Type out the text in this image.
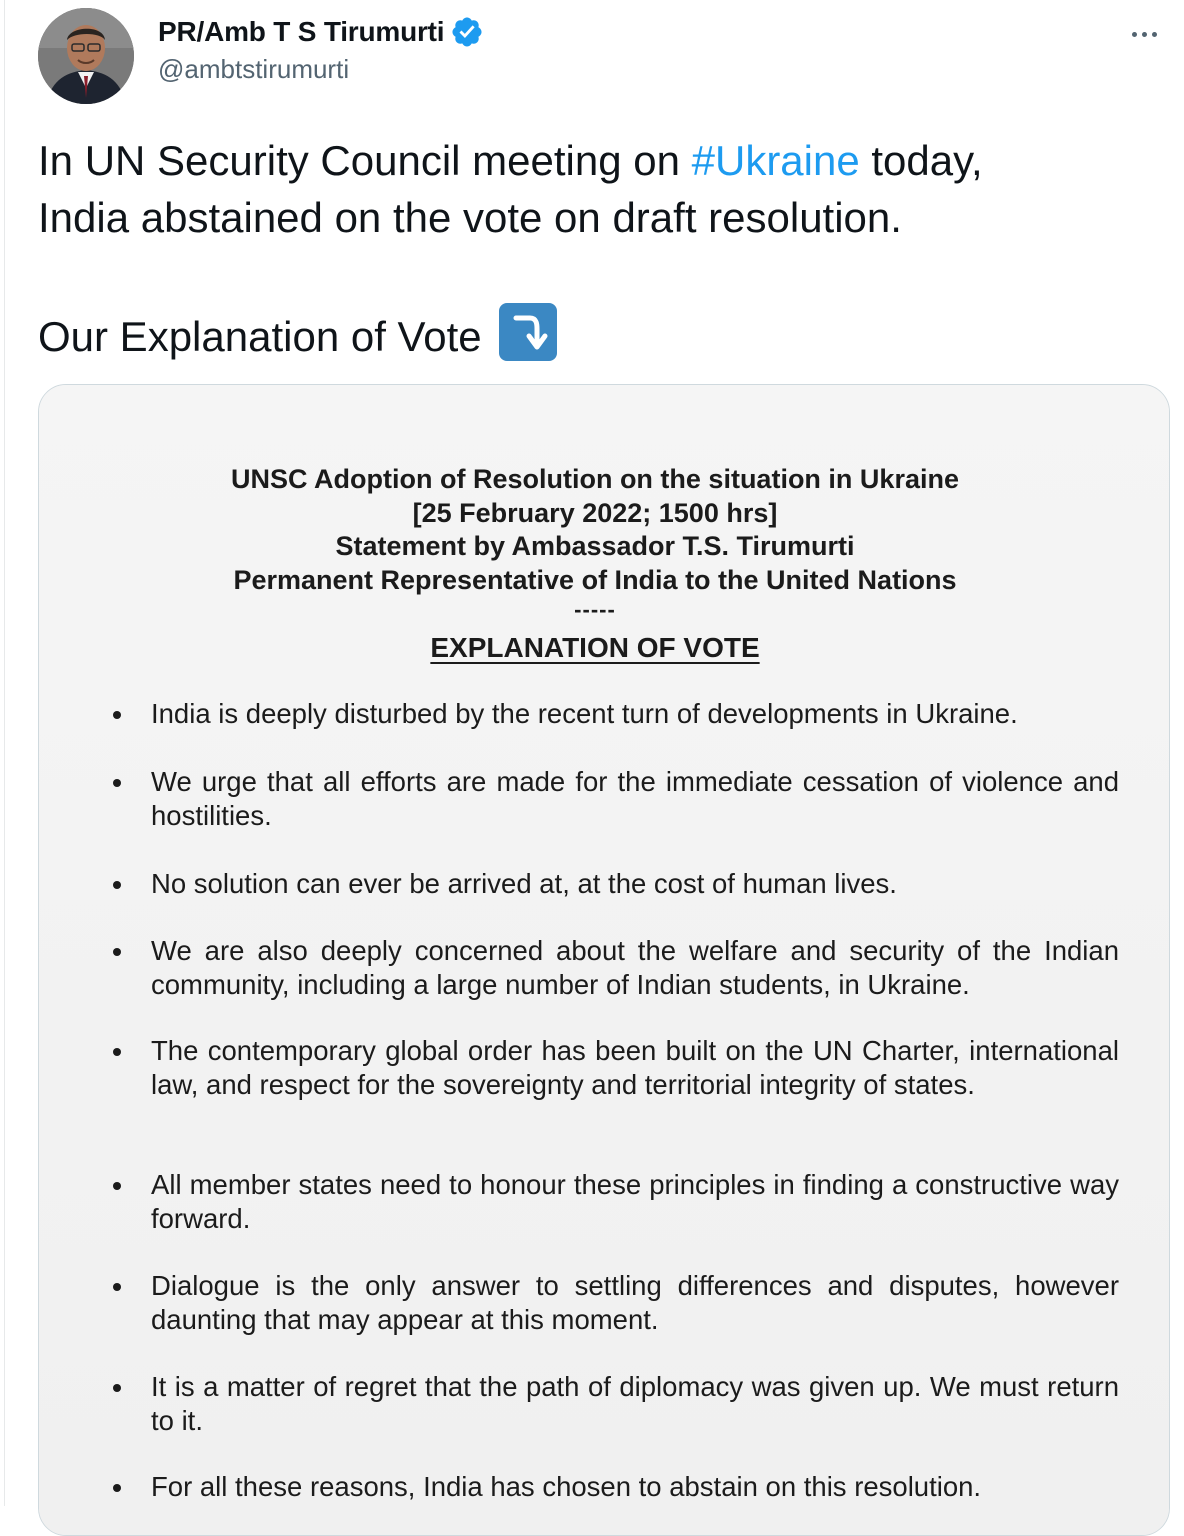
PR/Amb T S Tirumurti
@ambtstirumurti

In UN Security Council meeting on #Ukraine today,

India abstained on the vote on draft resolution.

Our Explanation of Vote

UNSC Adoption of Resolution on the situation in Ukraine
[25 February 2022; 1500 hrs]
Statement by Ambassador T.S. Tirumurti
Permanent Representative of India to the United Nations
-----
EXPLANATION OF VOTE
India is deeply disturbed by the recent turn of developments in Ukraine.
We urge that all efforts are made for the immediate cessation of violence and hostilities.
No solution can ever be arrived at, at the cost of human lives.
We are also deeply concerned about the welfare and security of the Indian community, including a large number of Indian students, in Ukraine.
The contemporary global order has been built on the UN Charter, international law, and respect for the sovereignty and territorial integrity of states.
All member states need to honour these principles in finding a constructive way forward.
Dialogue is the only answer to settling differences and disputes, however daunting that may appear at this moment.
It is a matter of regret that the path of diplomacy was given up. We must return to it.
For all these reasons, India has chosen to abstain on this resolution.
